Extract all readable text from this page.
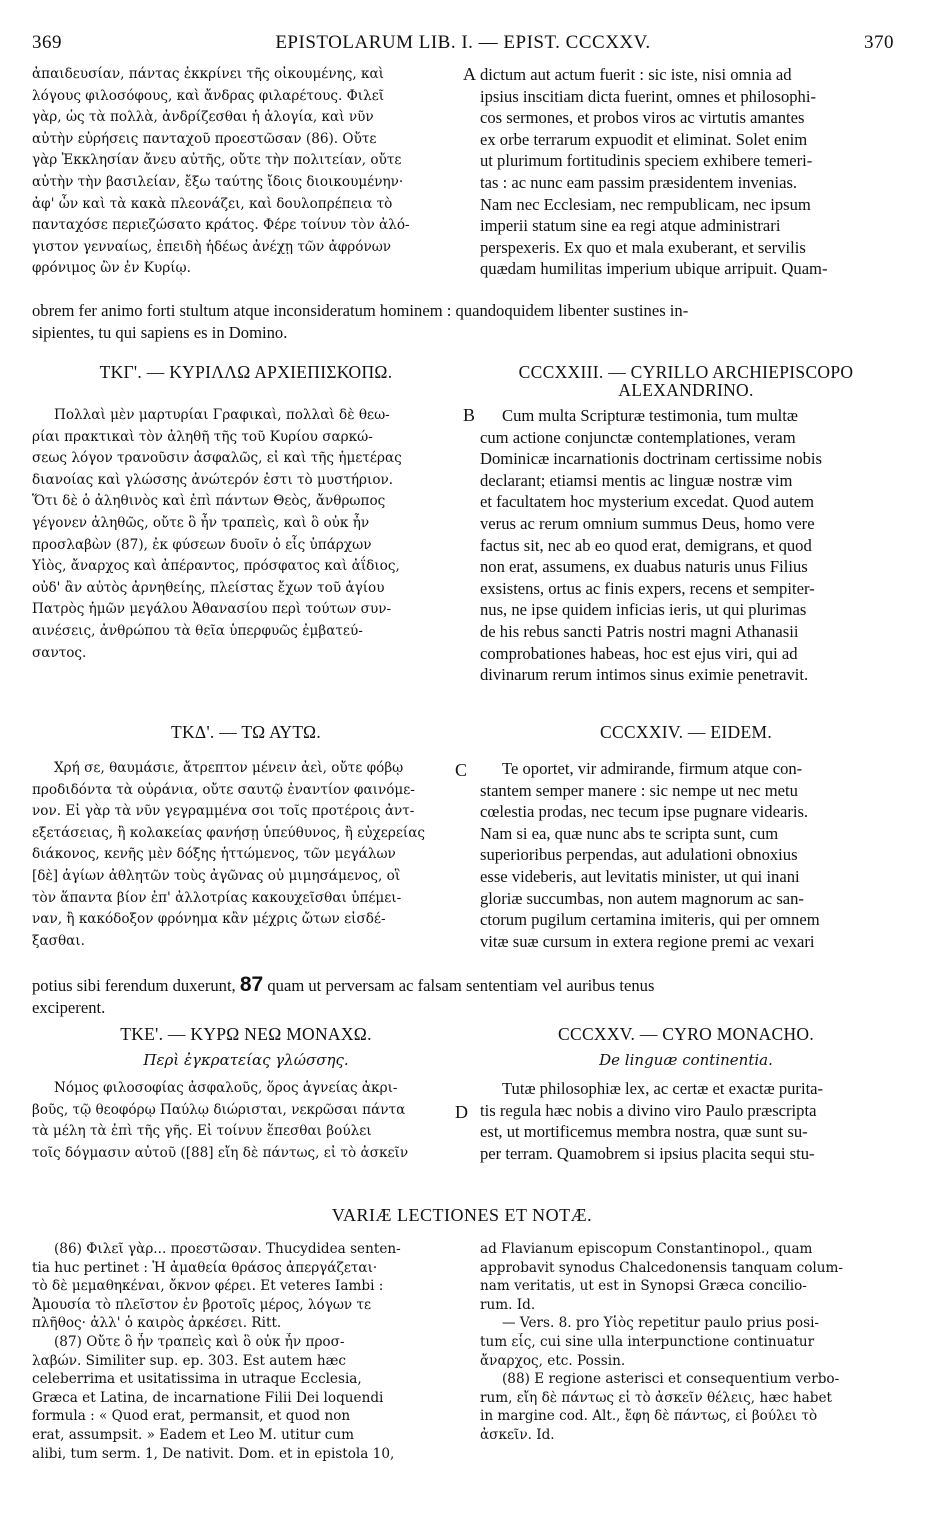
369	EPISTOLARUM LIB. I. — EPIST. CCCXXV.	370
ἀπαιδευσίαν, πάντας ἐκκρίνει τῆς οἰκουμένης, καὶ
λόγους φιλοσόφους, καὶ ἄνδρας φιλαρέτους. Φιλεῖ
γὰρ, ὡς τὰ πολλὰ, ἀνδρίζεσθαι ἡ ἀλογία, καὶ νῦν
αὐτὴν εὑρήσεις πανταχοῦ προεστῶσαν (86). Οὔτε
γὰρ Ἐκκλησίαν ἄνευ αὐτῆς, οὔτε τὴν πολιτείαν, οὔτε
αὐτὴν τὴν βασιλείαν, ἔξω ταύτης ἴδοις διοικουμένην·
ἀφ' ὧν καὶ τὰ κακὰ πλεονάζει, καὶ δουλοπρέπεια τὸ
πανταχόσε περιεζώσατο κράτος. Φέρε τοίνυν τὸν ἀλό-
γιστον γενναίως, ἐπειδὴ ἡδέως ἀνέχῃ τῶν ἀφρόνων
φρόνιμος ὢν ἐν Κυρίῳ.
A dictum aut actum fuerit : sic iste, nisi omnia ad
ipsius inscitiam dicta fuerint, omnes et philosophi-
cos sermones, et probos viros ac virtutis amantes
ex orbe terrarum expuodit et eliminat. Solet enim
ut plurimum fortitudinis speciem exhibere temeri-
tas : ac nunc eam passim præsidentem invenias.
Nam nec Ecclesiam, nec rempublicam, nec ipsum
imperii statum sine ea regi atque administrari
perspexeris. Ex quo et mala exuberant, et servilis
quædam humilitas imperium ubique arripuit. Quam-
obrem fer animo forti stultum atque inconsideratum hominem : quandoquidem libenter sustines in-
sipientes, tu qui sapiens es in Domino.
ΤΚΓ'. — ΚΥΡΙΛΛΩ ΑΡΧΙΕΠΙΣΚΟΠΩ.	CCCXXIII. — CYRILLO ARCHIEPISCOPO
ALEXANDRINO.
Πολλαὶ μὲν μαρτυρίαι Γραφικαὶ, πολλαὶ δὲ θεω-
ρίαι πρακτικαὶ τὸν ἀληθῆ τῆς τοῦ Κυρίου σαρκώ-
σεως λόγον τρανοῦσιν ἀσφαλῶς, εἰ καὶ τῆς ἡμετέρας
διανοίας καὶ γλώσσης ἀνώτερόν ἐστι τὸ μυστήριον.
Ὅτι δὲ ὁ ἀληθινὸς καὶ ἐπὶ πάντων Θεὸς, ἄνθρωπος
γέγονεν ἀληθῶς, οὔτε ὃ ἦν τραπεὶς, καὶ ὃ οὐκ ἦν
προσλαβὼν (87), ἐκ φύσεων δυοῖν ὁ εἷς ὑπάρχων
Υἱὸς, ἄναρχος καὶ ἀπέραντος, πρόσφατος καὶ ἀΐδιος,
οὐδ' ἂν αὐτὸς ἀρνηθείης, πλείστας ἔχων τοῦ ἁγίου
Πατρὸς ἡμῶν μεγάλου Ἀθανασίου περὶ τούτων συν-
αινέσεις, ἀνθρώπου τὰ θεῖα ὑπερφυῶς ἐμβατεύ-
σαντος.
B	Cum multa Scripturæ testimonia, tum multæ
cum actione conjunctæ contemplationes, veram
Dominicæ incarnationis doctrinam certissime nobis
declarant; etiamsi mentis ac linguæ nostræ vim
et facultatem hoc mysterium excedat. Quod autem
verus ac rerum omnium summus Deus, homo vere
factus sit, nec ab eo quod erat, demigrans, et quod
non erat, assumens, ex duabus naturis unus Filius
exsistens, ortus ac finis expers, recens et sempiter-
nus, ne ipse quidem inficias ieris, ut qui plurimas
de his rebus sancti Patris nostri magni Athanasii
comprobationes habeas, hoc est ejus viri, qui ad
divinarum rerum intimos sinus eximie penetravit.
ΤΚΔ'. — ΤΩ ΑΥΤΩ.	CCCXXIV. — EIDEM.
Χρή σε, θαυμάσιε, ἄτρεπτον μένειν ἀεὶ, οὔτε φόβῳ
προδιδόντα τὰ οὐράνια, οὔτε σαυτῷ ἐναντίον φαινόμε-
νον. Εἰ γὰρ τὰ νῦν γεγραμμένα σοι τοῖς προτέροις ἀντ-
εξετάσειας, ἢ κολακείας φανήσῃ ὑπεύθυνος, ἢ εὐχερείας
διάκονος, κενῆς μὲν δόξης ἡττώμενος, τῶν μεγάλων
[δὲ] ἁγίων ἀθλητῶν τοὺς ἀγῶνας οὐ μιμησάμενος, οἳ
τὸν ἅπαντα βίον ἐπ' ἀλλοτρίας κακουχεῖσθαι ὑπέμει-
ναν, ἢ κακόδοξον φρόνημα κἂν μέχρις ὤτων εἰσδέ-
ξασθαι.
C	Te oportet, vir admirande, firmum atque con-
stantem semper manere : sic nempe ut nec metu
cœlestia prodas, nec tecum ipse pugnare videaris.
Nam si ea, quæ nunc abs te scripta sunt, cum
superioribus perpendas, aut adulationi obnoxius
esse videberis, aut levitatis minister, ut qui inani
gloriæ succumbas, non autem magnorum ac san-
ctorum pugilum certamina imiteris, qui per omnem
vitæ suæ cursum in extera regione premi ac vexari
potius sibi ferendum duxerunt, 87 quam ut perversam ac falsam sententiam vel auribus tenus
exciperent.
ΤΚΕ'. — ΚΥΡΩ ΝΕΩ ΜΟΝΑΧΩ.
Περὶ ἐγκρατείας γλώσσης.
CCCXXV. — CYRO MONACHO.
De linguæ continentia.
Νόμος φιλοσοφίας ἀσφαλοῦς, ὅρος ἁγνείας ἀκρι-
βοῦς, τῷ θεοφόρῳ Παύλῳ διώρισται, νεκρῶσαι πάντα
τὰ μέλη τὰ ἐπὶ τῆς γῆς. Εἰ τοίνυν ἕπεσθαι βούλει
τοῖς δόγμασιν αὐτοῦ ([88] εἴη δὲ πάντως, εἰ τὸ ἀσκεῖν
D
Tutæ philosophiæ lex, ac certæ et exactæ purita-
tis regula hæc nobis a divino viro Paulo præscripta
est, ut mortificemus membra nostra, quæ sunt su-
per terram. Quamobrem si ipsius placita sequi stu-
VARIÆ LECTIONES ET NOTÆ.
(86) Φιλεῖ γὰρ... προεστῶσαν. Thucydidea senten-
tia huc pertinet : Ἡ ἀμαθεία θράσος ἀπεργάζεται·
τὸ δὲ μεμαθηκέναι, ὄκνον φέρει. Et veteres Iambi :
Ἀμουσία τὸ πλεῖστον ἐν βροτοῖς μέρος, λόγων τε
πλῆθος· ἀλλ' ὁ καιρὸς ἀρκέσει. Ritt.
(87) Οὔτε ὃ ἦν τραπεὶς καὶ ὃ οὐκ ἦν προσ-
λαβών. Similiter sup. ep. 303. Est autem hæc
celeberrima et usitatissima in utraque Ecclesia,
Græca et Latina, de incarnatione Filii Dei loquendi
formula : « Quod erat, permansit, et quod non
erat, assumpsit. » Eadem et Leo M. utitur cum
alibi, tum serm. 1, De nativit. Dom. et in epistola 10,
ad Flavianum episcopum Constantinopol., quam
approbavit synodus Chalcedonensis tanquam colum-
nam veritatis, ut est in Synopsi Græca concilio-
rum. Id.
— Vers. 8. pro Υἱὸς repetitur paulo prius posi-
tum εἷς, cui sine ulla interpunctione continuatur
ἄναρχος, etc. Possin.
(88) E regione asterisci et consequentium verbo-
rum, εἴη δὲ πάντως εἰ τὸ ἀσκεῖν θέλεις, hæc habet
in margine cod. Alt., ἔφη δὲ πάντως, εἰ βούλει τὸ
ἀσκεῖν. Id.
